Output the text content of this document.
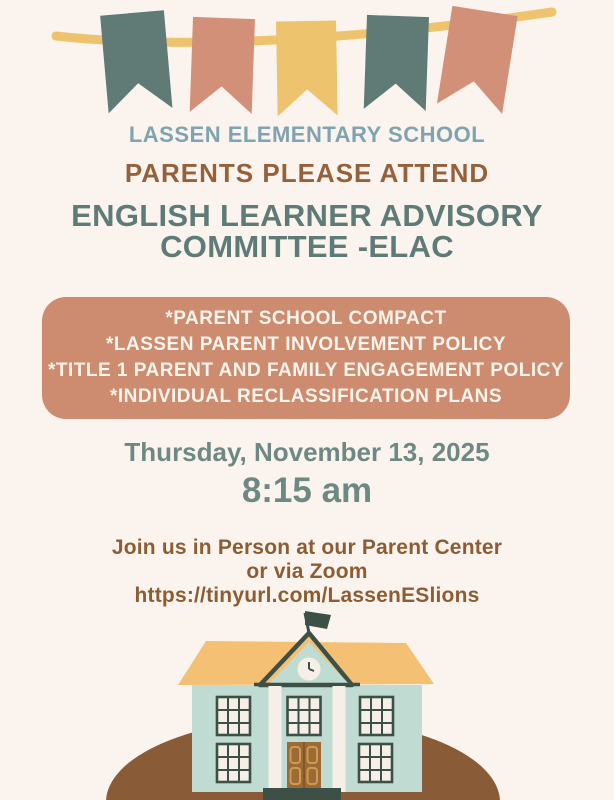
LASSEN ELEMENTARY SCHOOL
PARENTS PLEASE ATTEND
ENGLISH LEARNER ADVISORY
COMMITTEE -ELAC
*PARENT SCHOOL COMPACT
*LASSEN PARENT INVOLVEMENT POLICY
*TITLE 1 PARENT AND FAMILY ENGAGEMENT POLICY
*INDIVIDUAL RECLASSIFICATION PLANS
Thursday, November 13, 2025
8:15 am
Join us in Person at our Parent Center
or via Zoom
https://tinyurl.com/LassenESlions
